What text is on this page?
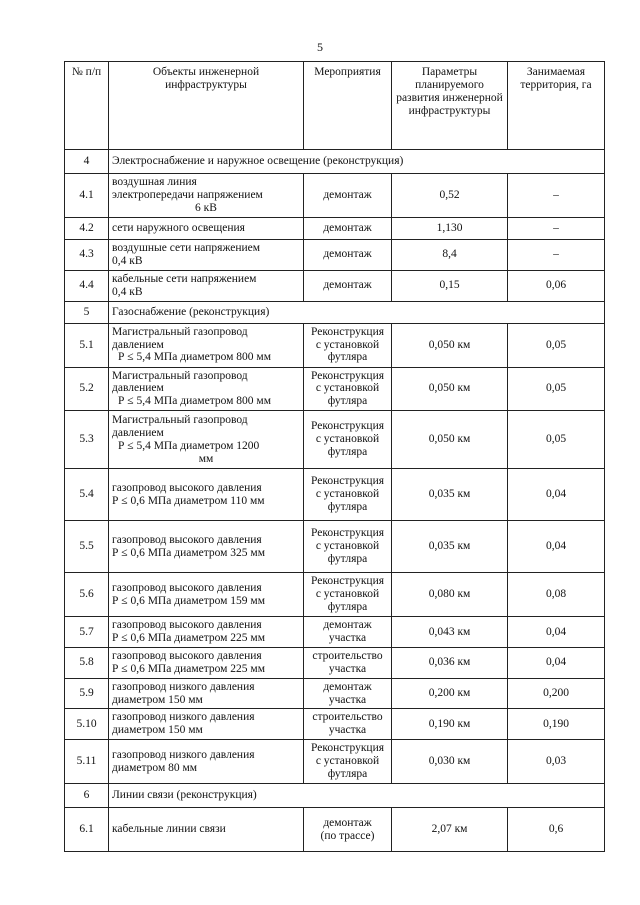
5
№ п/п	Объекты инженерной инфраструктуры	Мероприятия	Параметры планируемого развития инженерной инфраструктуры	Занимаемая территория, га
4	Электроснабжение и наружное освещение (реконструкция)			
4.1	воздушная линия
электропередачи напряжением
6 кВ	демонтаж	0,52	–
4.2	сети наружного освещения	демонтаж	1,130	–
4.3	воздушные сети напряжением
0,4 кВ	демонтаж	8,4	–
4.4	кабельные сети напряжением
0,4 кВ	демонтаж	0,15	0,06
5	Газоснабжение (реконструкция)			
5.1	Магистральный газопровод
давлением
Р ≤ 5,4 МПа диаметром 800 мм	Реконструкция
с установкой
футляра	0,050 км	0,05
5.2	Магистральный газопровод
давлением
Р ≤ 5,4 МПа диаметром 800 мм	Реконструкция
с установкой
футляра	0,050 км	0,05
5.3	Магистральный газопровод
давлением
Р ≤ 5,4 МПа диаметром 1200
мм	Реконструкция
с установкой
футляра	0,050 км	0,05
5.4	газопровод высокого давления
Р ≤ 0,6 МПа диаметром 110 мм	Реконструкция
с установкой
футляра	0,035 км	0,04
5.5	газопровод высокого давления
Р ≤ 0,6 МПа диаметром 325 мм	Реконструкция
с установкой
футляра	0,035 км	0,04
5.6	газопровод высокого давления
Р ≤ 0,6 МПа диаметром 159 мм	Реконструкция
с установкой
футляра	0,080 км	0,08
5.7	газопровод высокого давления
Р ≤ 0,6 МПа диаметром 225 мм	демонтаж
участка	0,043 км	0,04
5.8	газопровод высокого давления
Р ≤ 0,6 МПа диаметром 225 мм	строительство
участка	0,036 км	0,04
5.9	газопровод низкого давления
диаметром 150 мм	демонтаж
участка	0,200 км	0,200
5.10	газопровод низкого давления
диаметром 150 мм	строительство
участка	0,190 км	0,190
5.11	газопровод низкого давления
диаметром 80 мм	Реконструкция
с установкой
футляра	0,030 км	0,03
6	Линии связи (реконструкция)			
6.1	кабельные линии связи	демонтаж
(по трассе)	2,07 км	0,6
